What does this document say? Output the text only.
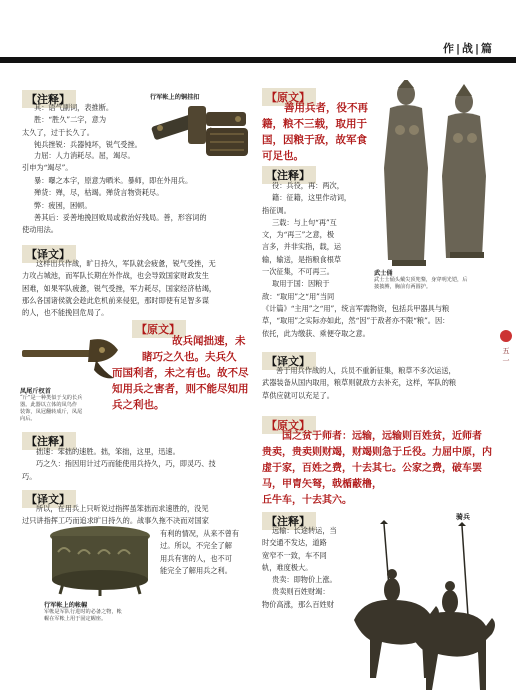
作|战|篇
【注释】	行军帐上的铜挂扣

其：语气副词，表推断。

胜：“胜久”二字，意为

太久了，过于长久了。

钝兵挫锐：兵器钝坏，锐气受挫。

力屈：人力消耗尽。屈，竭尽。

引申为“竭尽”。

暴：曝之本字，原意为晒米。暴师，即在外用兵。

殚货：殚，尽，枯竭。殚货言物资耗尽。

弊：疲困，困顿。

善其后：妥善地挽回败局或救治好残局。善，形容词的

使动用法。

【译文】

这样出兵作战，旷日持久，军队就会疲惫，锐气受挫，无

力攻占城池，而军队长期在外作战，也会导致国家财政发生

困难，如果军队疲惫，锐气受挫，军力耗尽，国家经济枯竭，

那么各国诸侯就会趁此危机前来侵犯，那时即使有足智多谋

的人，也不能挽回危局了。

凤尾斤杈首
“斤”是一种类似于戈的长兵
器。此器以立体的凤鸟作
装饰，凤冠翻转成斤，凤尾
向后。
【原文】
故兵闻拙速，未
睹巧之久也。夫兵久
而国利者，未之有也。故不尽
知用兵之害者，则不能尽知用
兵之利也。
【注释】

拙速：笨拙的速胜。拙，笨拙，这里，迅速。

巧之久：指因用计过巧而能使用兵持久，巧，即灵巧、技

巧。

【译文】

所以，在用兵上只听说过指挥虽笨拙而求速胜的，没见

过只讲指挥工巧而追求旷日持久的。战事久拖不决而对国家

有利的情况，从来不曾有

过。所以，不完全了解

用兵有害的人，也不可

能完全了解用兵之利。

行军帐上的帐幄
军帐是军队行进时的必备之物，帐
幄在军帐上用于固定幄座。
【原文】
善用兵者，役不再
籍，粮不三载，取用于
国，因粮于敌，故军食
可足也。
【注释】

役：兵役，再：两次，

籍：征籍，这里作动词，

指征调。

三载：与上句“再”互

文，为“再三”之意，极

言多，并非实指，载，运

输，输送，是指粮食根草

一次征集，不可再三。

取用于国：因粮于

敌：“取用”之“用”当同

《计篇》“主用”之“用”，统言军需物资，包括兵甲器具与粮

草，“取用”之实际亦如此，然“因”于敌者亦不限“粮”。因：

依托，此为缴获、乘便夺取之意。

武士俑
武士士俑头戴尖顶兜鍪，身穿明光铠，后
披披膊，胸前有两圆护。
【译文】

善于用兵作战的人，兵员不重新征集，粮草不多次运送，

武器装备从国内取用，粮草则就敌方去补充，这样，军队的粮

草供应就可以充足了。

【原文】
国之贫于师者：远输，远输则百姓贫，近师者
贵卖，贵卖则财竭，财竭则急于丘役。力屈中原，内
虚于家，百姓之费，十去其七。公家之费，破车罢
马，甲胄矢弩，戟楯蔽橹，
丘牛车，十去其六。
【注释】

远输：长途转运，当

时交通不发达，道路

宽窄不一致，车不同

轨，难度极大。

贵卖：即物价上涨。

贵卖则百姓财竭：

物价高涨，那么百姓财

骑兵
五 一
